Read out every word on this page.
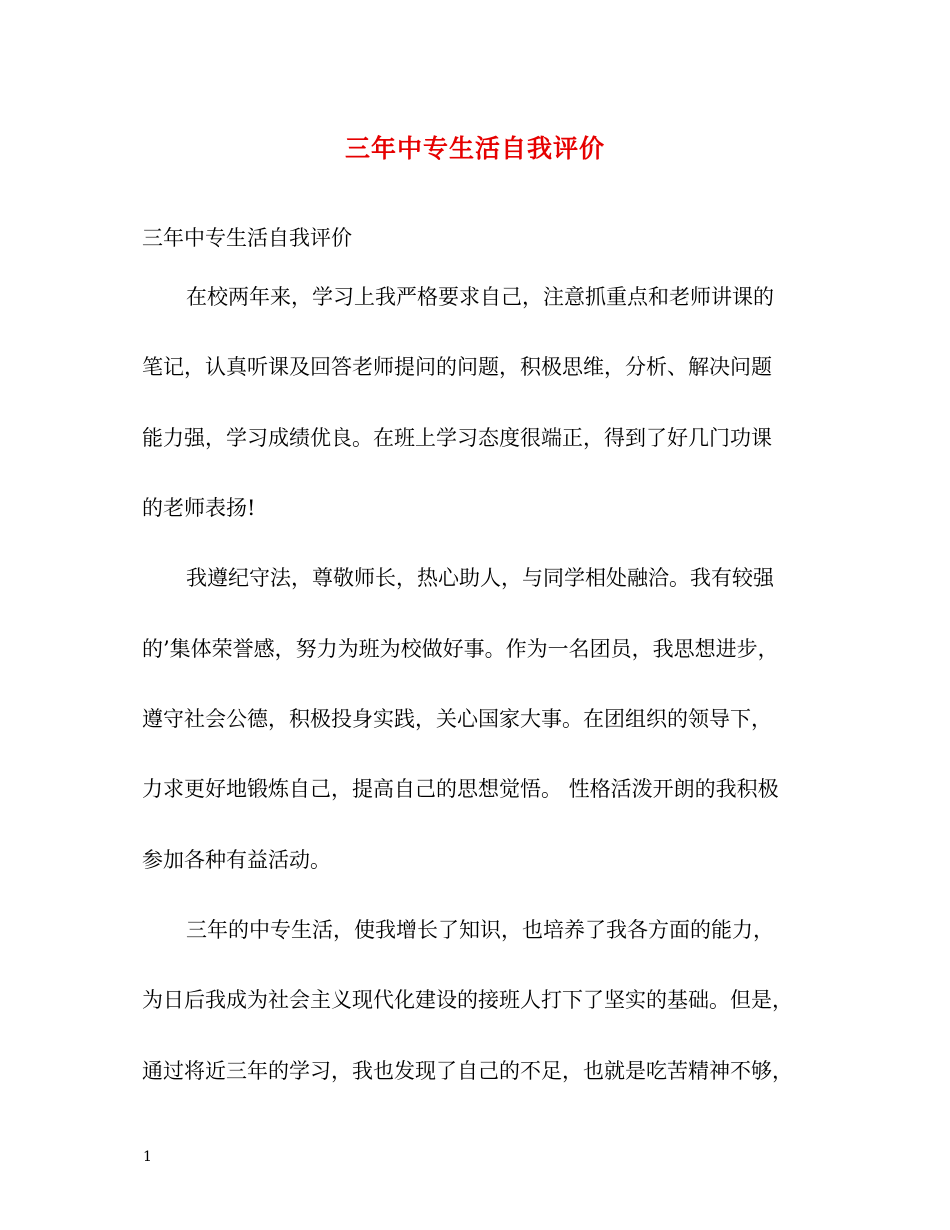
三年中专生活自我评价
三年中专生活自我评价
在校两年来，学习上我严格要求自己，注意抓重点和老师讲课的
笔记，认真听课及回答老师提问的问题，积极思维，分析、解决问题
能力强，学习成绩优良。在班上学习态度很端正，得到了好几门功课
的老师表扬!
我遵纪守法，尊敬师长，热心助人，与同学相处融洽。我有较强
的’集体荣誉感，努力为班为校做好事。作为一名团员，我思想进步，
遵守社会公德，积极投身实践，关心国家大事。在团组织的领导下，
力求更好地锻炼自己，提高自己的思想觉悟。 性格活泼开朗的我积极
参加各种有益活动。
三年的中专生活，使我增长了知识，也培养了我各方面的能力，
为日后我成为社会主义现代化建设的接班人打下了坚实的基础。但是，
通过将近三年的学习，我也发现了自己的不足，也就是吃苦精神不够，
1
